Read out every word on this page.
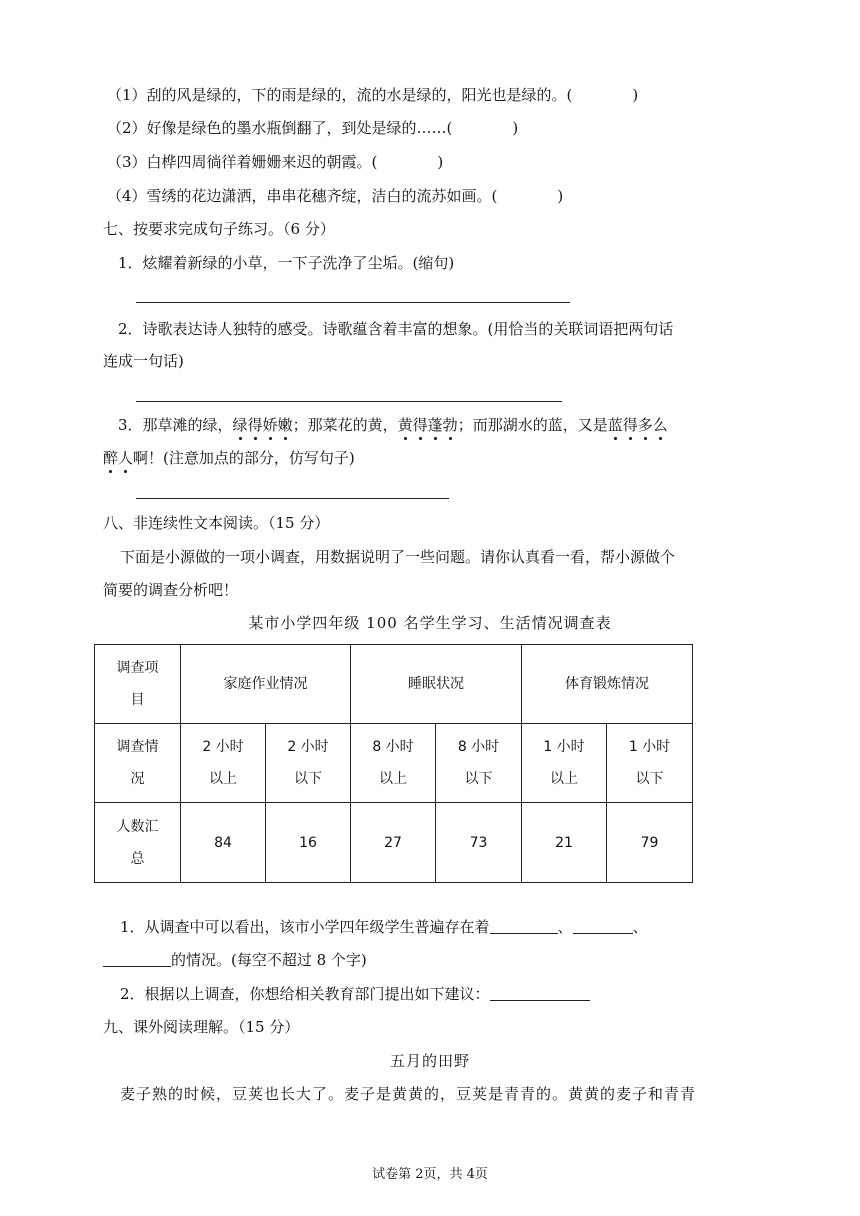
（1）刮的风是绿的，下的雨是绿的，流的水是绿的，阳光也是绿的。(　　　　)
（2）好像是绿色的墨水瓶倒翻了，到处是绿的……(　　　　)
（3）白桦四周徜徉着姗姗来迟的朝霞。(　　　　)
（4）雪绣的花边潇洒，串串花穗齐绽，洁白的流苏如画。(　　　　)
七、按要求完成句子练习。（6 分）
1．炫耀着新绿的小草，一下子洗净了尘垢。(缩句)
2．诗歌表达诗人独特的感受。诗歌蕴含着丰富的想象。(用恰当的关联词语把两句话
连成一句话)
3．那草滩的绿，绿得娇嫩；那菜花的黄，黄得蓬勃；而那湖水的蓝，又是蓝得多么
醉人啊！(注意加点的部分，仿写句子)
八、非连续性文本阅读。（15 分）
下面是小源做的一项小调查，用数据说明了一些问题。请你认真看一看，帮小源做个
简要的调查分析吧！
某市小学四年级 100 名学生学习、生活情况调查表
调查项
目	家庭作业情况		睡眠状况		体育锻炼情况	

调查情
况	2 小时
以上	2 小时
以下	8 小时
以上	8 小时
以下	1 小时
以上	1 小时
以下

人数汇
总	84	16	27	73	21	79
1．从调查中可以看出，该市小学四年级学生普遍存在着	、	、
的情况。(每空不超过 8 个字)
2．根据以上调查，你想给相关教育部门提出如下建议：
九、课外阅读理解。（15 分）
五月的田野
麦子熟的时候，豆荚也长大了。麦子是黄黄的，豆荚是青青的。黄黄的麦子和青青
试卷第 2页，共 4页
